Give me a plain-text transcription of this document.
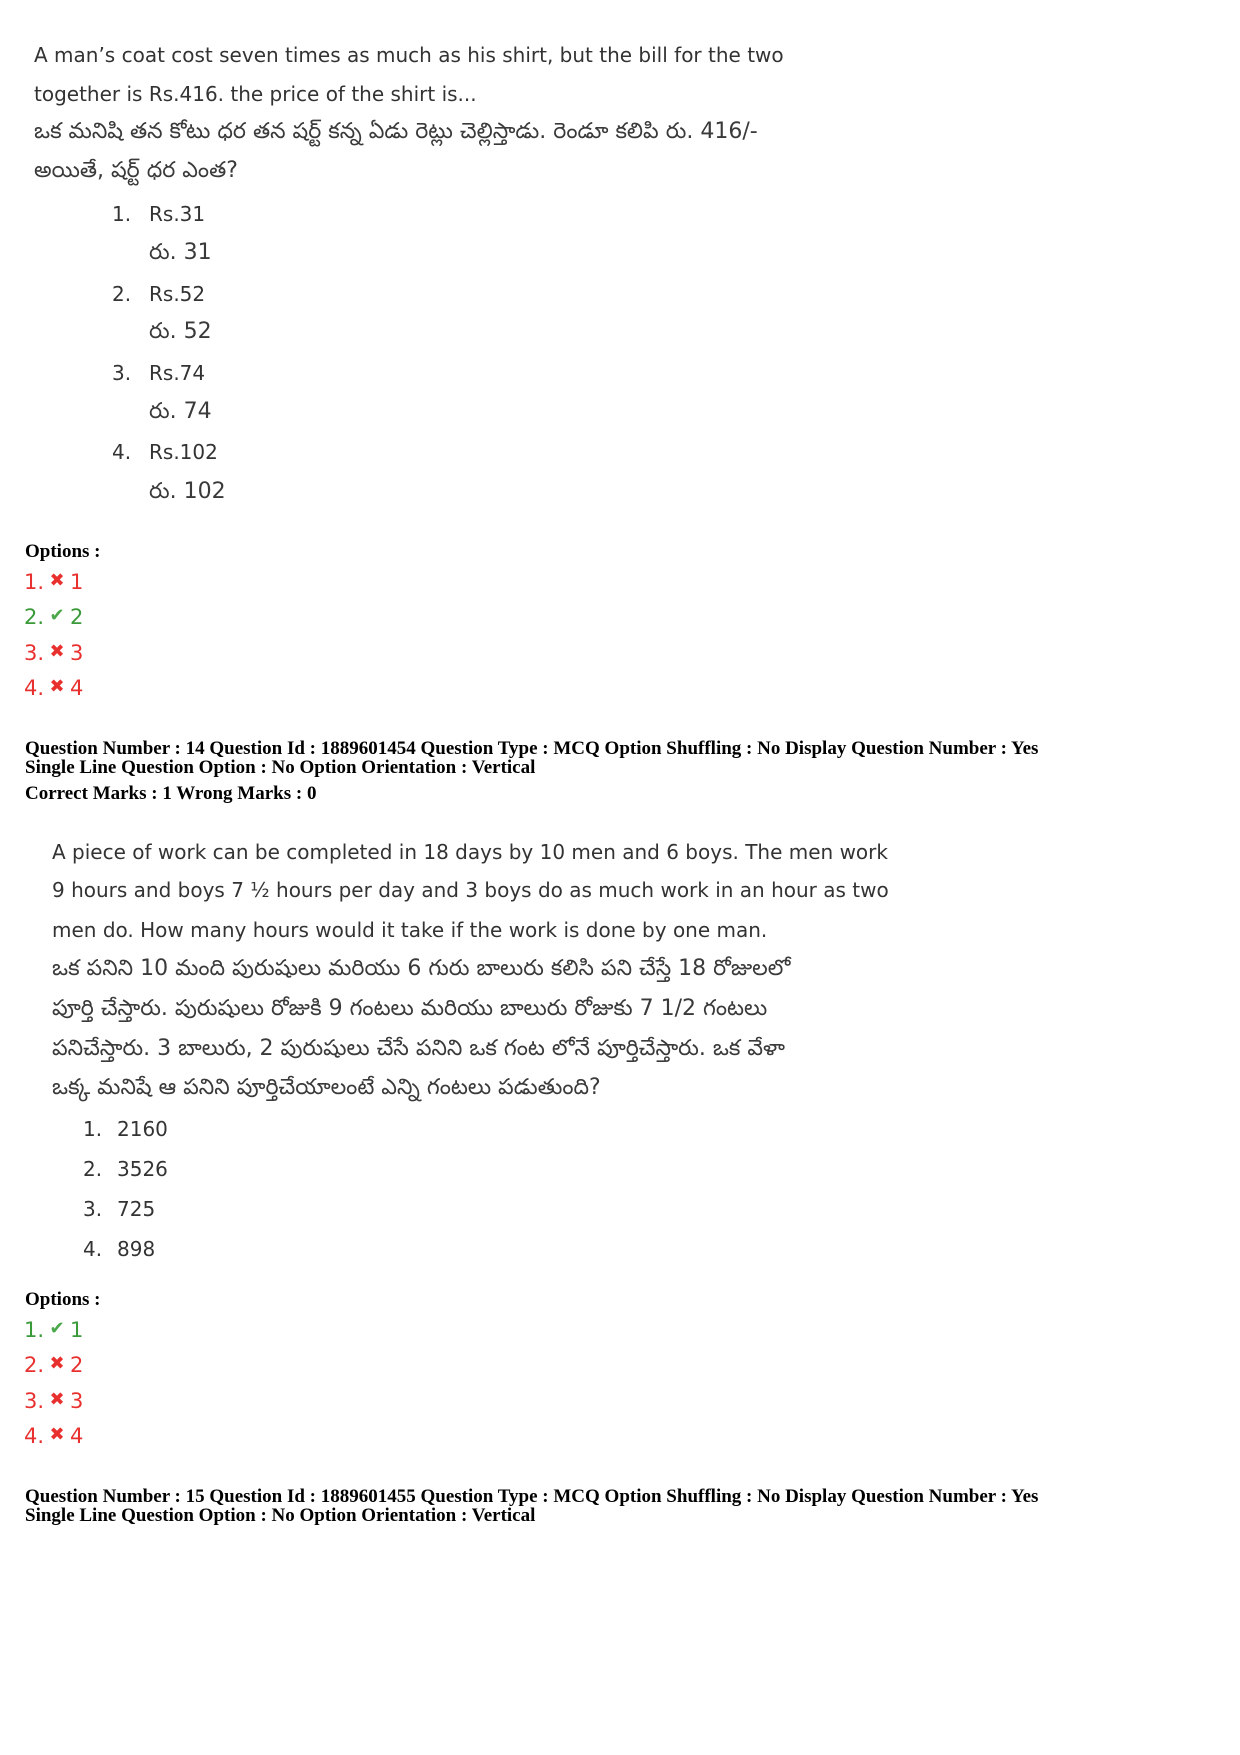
A man’s coat cost seven times as much as his shirt, but the bill for the two
together is Rs.416. the price of the shirt is...
ఒక మనిషి తన కోటు ధర తన షర్ట్ కన్న ఏడు రెట్లు చెల్లిస్తాడు. రెండూ కలిపి రు. 416/-
అయితే, షర్ట్ ధర ఎంత?
1. Rs.31
రు. 31
2. Rs.52
రు. 52
3. Rs.74
రు. 74
4. Rs.102
రు. 102
Options :
1. ✖ 1
2. ✔ 2
3. ✖ 3
4. ✖ 4
Question Number : 14 Question Id : 1889601454 Question Type : MCQ Option Shuffling : No Display Question Number : Yes
Single Line Question Option : No Option Orientation : Vertical
Correct Marks : 1 Wrong Marks : 0
A piece of work can be completed in 18 days by 10 men and 6 boys. The men work
9 hours and boys 7 ½ hours per day and 3 boys do as much work in an hour as two
men do. How many hours would it take if the work is done by one man.
ఒక పనిని 10 మంది పురుషులు మరియు 6 గురు బాలురు కలిసి పని చేస్తే 18 రోజులలో
పూర్తి చేస్తారు. పురుషులు రోజుకి 9 గంటలు మరియు బాలురు రోజుకు 7 1/2 గంటలు
పనిచేస్తారు. 3 బాలురు, 2 పురుషులు చేసే పనిని ఒక గంట లోనే పూర్తిచేస్తారు. ఒక వేళా
ఒక్క మనిషే ఆ పనిని పూర్తిచేయాలంటే ఎన్ని గంటలు పడుతుంది?
1. 2160
2. 3526
3. 725
4. 898
Options :
1. ✔ 1
2. ✖ 2
3. ✖ 3
4. ✖ 4
Question Number : 15 Question Id : 1889601455 Question Type : MCQ Option Shuffling : No Display Question Number : Yes
Single Line Question Option : No Option Orientation : Vertical
